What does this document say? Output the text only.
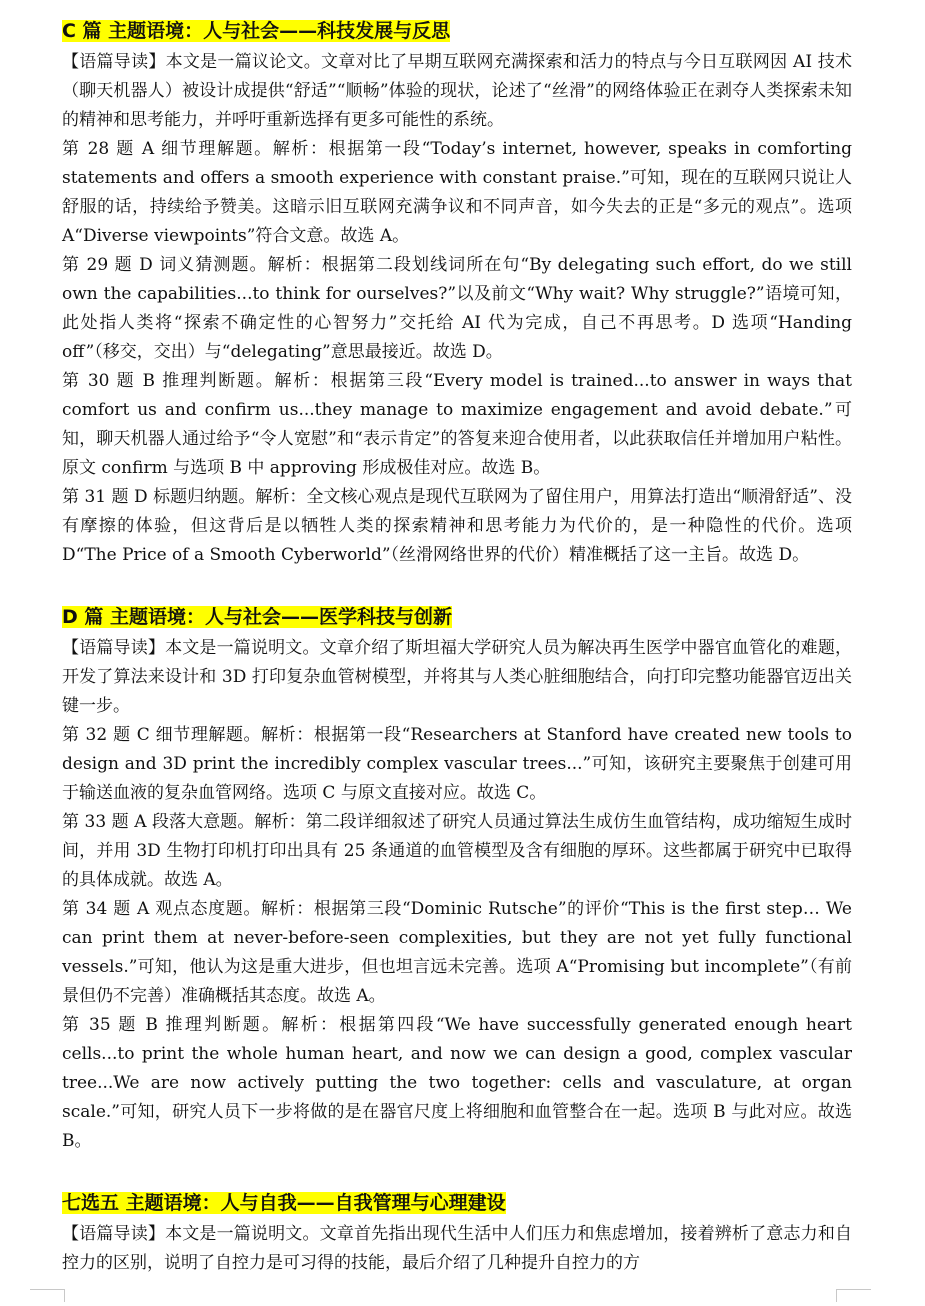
C 篇 主题语境：人与社会——科技发展与反思

【语篇导读】本文是一篇议论文。文章对比了早期互联网充满探索和活力的特点与今日互联网因 AI 技术（聊天机器人）被设计成提供“舒适”“顺畅”体验的现状，论述了“丝滑”的网络体验正在剥夺人类探索未知的精神和思考能力，并呼吁重新选择有更多可能性的系统。

第 28 题 A 细节理解题。解析：根据第一段“Today’s internet, however, speaks in comforting statements and offers a smooth experience with constant praise.”可知，现在的互联网只说让人舒服的话，持续给予赞美。这暗示旧互联网充满争议和不同声音，如今失去的正是“多元的观点”。选项 A“Diverse viewpoints”符合文意。故选 A。

第 29 题 D 词义猜测题。解析：根据第二段划线词所在句“By delegating such effort, do we still own the capabilities...to think for ourselves?”以及前文“Why wait? Why struggle?”语境可知，此处指人类将“探索不确定性的心智努力”交托给 AI 代为完成，自己不再思考。D 选项“Handing off”（移交，交出）与“delegating”意思最接近。故选 D。

第 30 题 B 推理判断题。解析：根据第三段“Every model is trained...to answer in ways that comfort us and confirm us...they manage to maximize engagement and avoid debate.”可知，聊天机器人通过给予“令人宽慰”和“表示肯定”的答复来迎合使用者，以此获取信任并增加用户粘性。原文 confirm 与选项 B 中 approving 形成极佳对应。故选 B。

第 31 题 D 标题归纳题。解析：全文核心观点是现代互联网为了留住用户，用算法打造出“顺滑舒适”、没有摩擦的体验，但这背后是以牺牲人类的探索精神和思考能力为代价的，是一种隐性的代价。选项 D“The Price of a Smooth Cyberworld”（丝滑网络世界的代价）精准概括了这一主旨。故选 D。

D 篇 主题语境：人与社会——医学科技与创新

【语篇导读】本文是一篇说明文。文章介绍了斯坦福大学研究人员为解决再生医学中器官血管化的难题，开发了算法来设计和 3D 打印复杂血管树模型，并将其与人类心脏细胞结合，向打印完整功能器官迈出关键一步。

第 32 题 C 细节理解题。解析：根据第一段“Researchers at Stanford have created new tools to design and 3D print the incredibly complex vascular trees...”可知，该研究主要聚焦于创建可用于输送血液的复杂血管网络。选项 C 与原文直接对应。故选 C。

第 33 题 A 段落大意题。解析：第二段详细叙述了研究人员通过算法生成仿生血管结构，成功缩短生成时间，并用 3D 生物打印机打印出具有 25 条通道的血管模型及含有细胞的厚环。这些都属于研究中已取得的具体成就。故选 A。

第 34 题 A 观点态度题。解析：根据第三段“Dominic Rutsche”的评价“This is the first step… We can print them at never-before-seen complexities, but they are not yet fully functional vessels.”可知，他认为这是重大进步，但也坦言远未完善。选项 A“Promising but incomplete”（有前景但仍不完善）准确概括其态度。故选 A。

第 35 题 B 推理判断题。解析：根据第四段“We have successfully generated enough heart cells...to print the whole human heart, and now we can design a good, complex vascular tree...We are now actively putting the two together: cells and vasculature, at organ scale.”可知，研究人员下一步将做的是在器官尺度上将细胞和血管整合在一起。选项 B 与此对应。故选 B。

七选五 主题语境：人与自我——自我管理与心理建设

【语篇导读】本文是一篇说明文。文章首先指出现代生活中人们压力和焦虑增加，接着辨析了意志力和自控力的区别，说明了自控力是可习得的技能，最后介绍了几种提升自控力的方
